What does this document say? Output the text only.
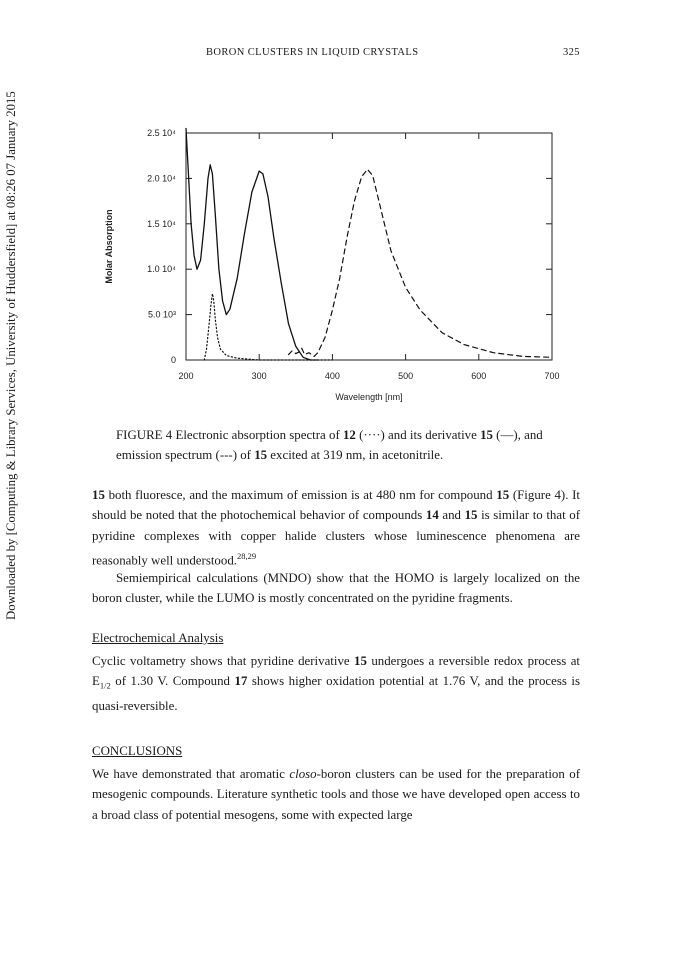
BORON CLUSTERS IN LIQUID CRYSTALS	325
Downloaded by [Computing & Library Services, University of Huddersfield] at 08:26 07 January 2015	200	300	400	500	600	700
0
5.0 10³
1.0 10⁴
1.5 10⁴
2.0 10⁴
2.5 10⁴
Wavelength [nm]
Molar Absorption
FIGURE 4 Electronic absorption spectra of 12 (····) and its derivative 15 (—), and emission spectrum (---) of 15 excited at 319 nm, in acetonitrile.
15 both fluoresce, and the maximum of emission is at 480 nm for compound 15 (Figure 4). It should be noted that the photochemical behavior of compounds 14 and 15 is similar to that of pyridine complexes with copper halide clusters whose luminescence phenomena are reasonably well understood.$^{28,29}$
Semiempirical calculations (MNDO) show that the HOMO is largely localized on the boron cluster, while the LUMO is mostly concentrated on the pyridine fragments.
Electrochemical Analysis
Cyclic voltametry shows that pyridine derivative 15 undergoes a reversible redox process at $E_{1/2}$ of 1.30 V. Compound 17 shows higher oxidation potential at 1.76 V, and the process is quasi-reversible.
CONCLUSIONS
We have demonstrated that aromatic closo-boron clusters can be used for the preparation of mesogenic compounds. Literature synthetic tools and those we have developed open access to a broad class of potential mesogens, some with expected large
